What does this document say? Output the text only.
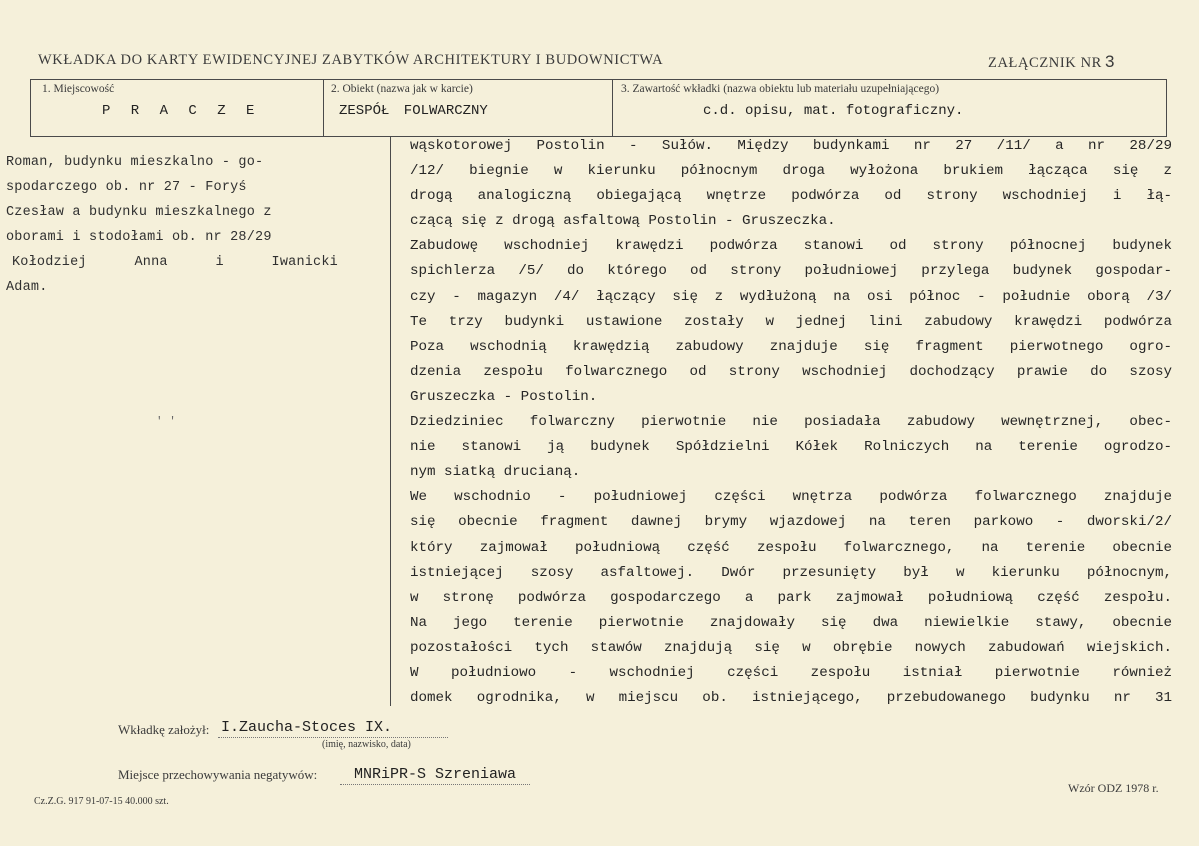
WKŁADKA DO KARTY EWIDENCYJNEJ ZABYTKÓW ARCHITEKTURY I BUDOWNICTWA	ZAŁĄCZNIK NR 3
1. Miejscowość
P R A C Z E
2. Obiekt (nazwa jak w karcie)
ZESPÓŁ FOLWARCZNY
3. Zawartość wkładki (nazwa obiektu lub materiału uzupełniającego)
c.d. opisu, mat. fotograficzny.
Roman, budynku mieszkalno - go-
spodarczego ob. nr 27 - Foryś
Czesław a budynku mieszkalnego z
oborami i stodołami ob. nr 28/29
Kołodziej	Anna	i	Iwanicki
Adam.
' '
wąskotorowej Postolin - Sułów. Między budynkami nr 27 /11/ a nr 28/29
/12/ biegnie w kierunku północnym droga wyłożona brukiem łącząca się z
drogą analogiczną obiegającą wnętrze podwórza od strony wschodniej i łą-
czącą się z drogą asfaltową Postolin - Gruszeczka.
Zabudowę wschodniej krawędzi podwórza stanowi od strony północnej budynek
spichlerza /5/ do którego od strony południowej przylega budynek gospodar-
czy - magazyn /4/ łączący się z wydłużoną na osi północ - południe oborą /3/
Te trzy budynki ustawione zostały w jednej lini zabudowy krawędzi podwórza
Poza wschodnią krawędzią zabudowy znajduje się fragment pierwotnego ogro-
dzenia zespołu folwarcznego od strony wschodniej dochodzący prawie do szosy
Gruszeczka - Postolin.
Dziedziniec folwarczny pierwotnie nie posiadała zabudowy wewnętrznej, obec-
nie stanowi ją budynek Spółdzielni Kółek Rolniczych na terenie ogrodzo-
nym siatką drucianą.
We wschodnio - południowej części wnętrza podwórza folwarcznego znajduje
się obecnie fragment dawnej brymy wjazdowej na teren parkowo - dworski/2/
który zajmował południową część zespołu folwarcznego, na terenie obecnie
istniejącej szosy asfaltowej. Dwór przesunięty był w kierunku północnym,
w stronę podwórza gospodarczego a park zajmował południową część zespołu.
Na jego terenie pierwotnie znajdowały się dwa niewielkie stawy, obecnie
pozostałości tych stawów znajdują się w obrębie nowych zabudowań wiejskich.
W południowo - wschodniej części zespołu istniał pierwotnie również
domek ogrodnika, w miejscu ob. istniejącego, przebudowanego budynku nr 31
Wkładkę założył: I.Zaucha-Stoces IX.
(imię, nazwisko, data)
Miejsce przechowywania negatywów: MNRiPR-S Szreniawa
Cz.Z.G. 917 91-07-15 40.000 szt.
Wzór ODZ 1978 r.
